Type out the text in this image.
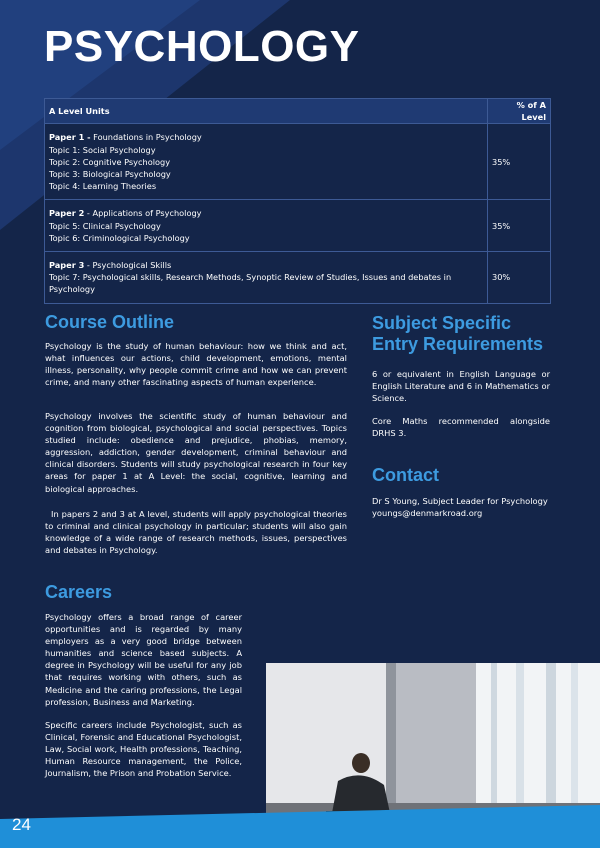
PSYCHOLOGY
A Level Units	% of A Level

Paper 1 - Foundations in Psychology
Topic 1: Social Psychology
Topic 2: Cognitive Psychology
Topic 3: Biological Psychology
Topic 4: Learning Theories	35%

Paper 2 - Applications of Psychology
Topic 5: Clinical Psychology
Topic 6: Criminological Psychology	35%

Paper 3 - Psychological Skills
Topic 7: Psychological skills, Research Methods, Synoptic Review of Studies, Issues and debates in Psychology	30%
Course Outline

Psychology is the study of human behaviour: how we think and act, what influences our actions, child development, emotions, mental illness, personality, why people commit crime and how we can prevent crime, and many other fascinating aspects of human experience.

Psychology involves the scientific study of human behaviour and cognition from biological, psychological and social perspectives. Topics studied include: obedience and prejudice, phobias, memory, aggression, addiction, gender development, criminal behaviour and clinical disorders. Students will study psychological research in four key areas for paper 1 at A Level: the social, cognitive, learning and biological approaches.

In papers 2 and 3 at A level, students will apply psychological theories to criminal and clinical psychology in particular; students will also gain knowledge of a wide range of research methods, issues, perspectives and debates in Psychology.

Subject Specific
Entry Requirements

6 or equivalent in English Language or English Literature and 6 in Mathematics or Science.

Core Maths recommended alongside DRHS 3.

Contact

Dr S Young, Subject Leader for Psychology youngs@denmarkroad.org

Careers

Psychology offers a broad range of career opportunities and is regarded by many employers as a very good bridge between humanities and science based subjects. A degree in Psychology will be useful for any job that requires working with others, such as Medicine and the caring professions, the Legal profession, Business and Marketing.

Specific careers include Psychologist, such as Clinical, Forensic and Educational Psychologist, Law, Social work, Health professions, Teaching, Human Resource management, the Police, Journalism, the Prison and Probation Service.

24
